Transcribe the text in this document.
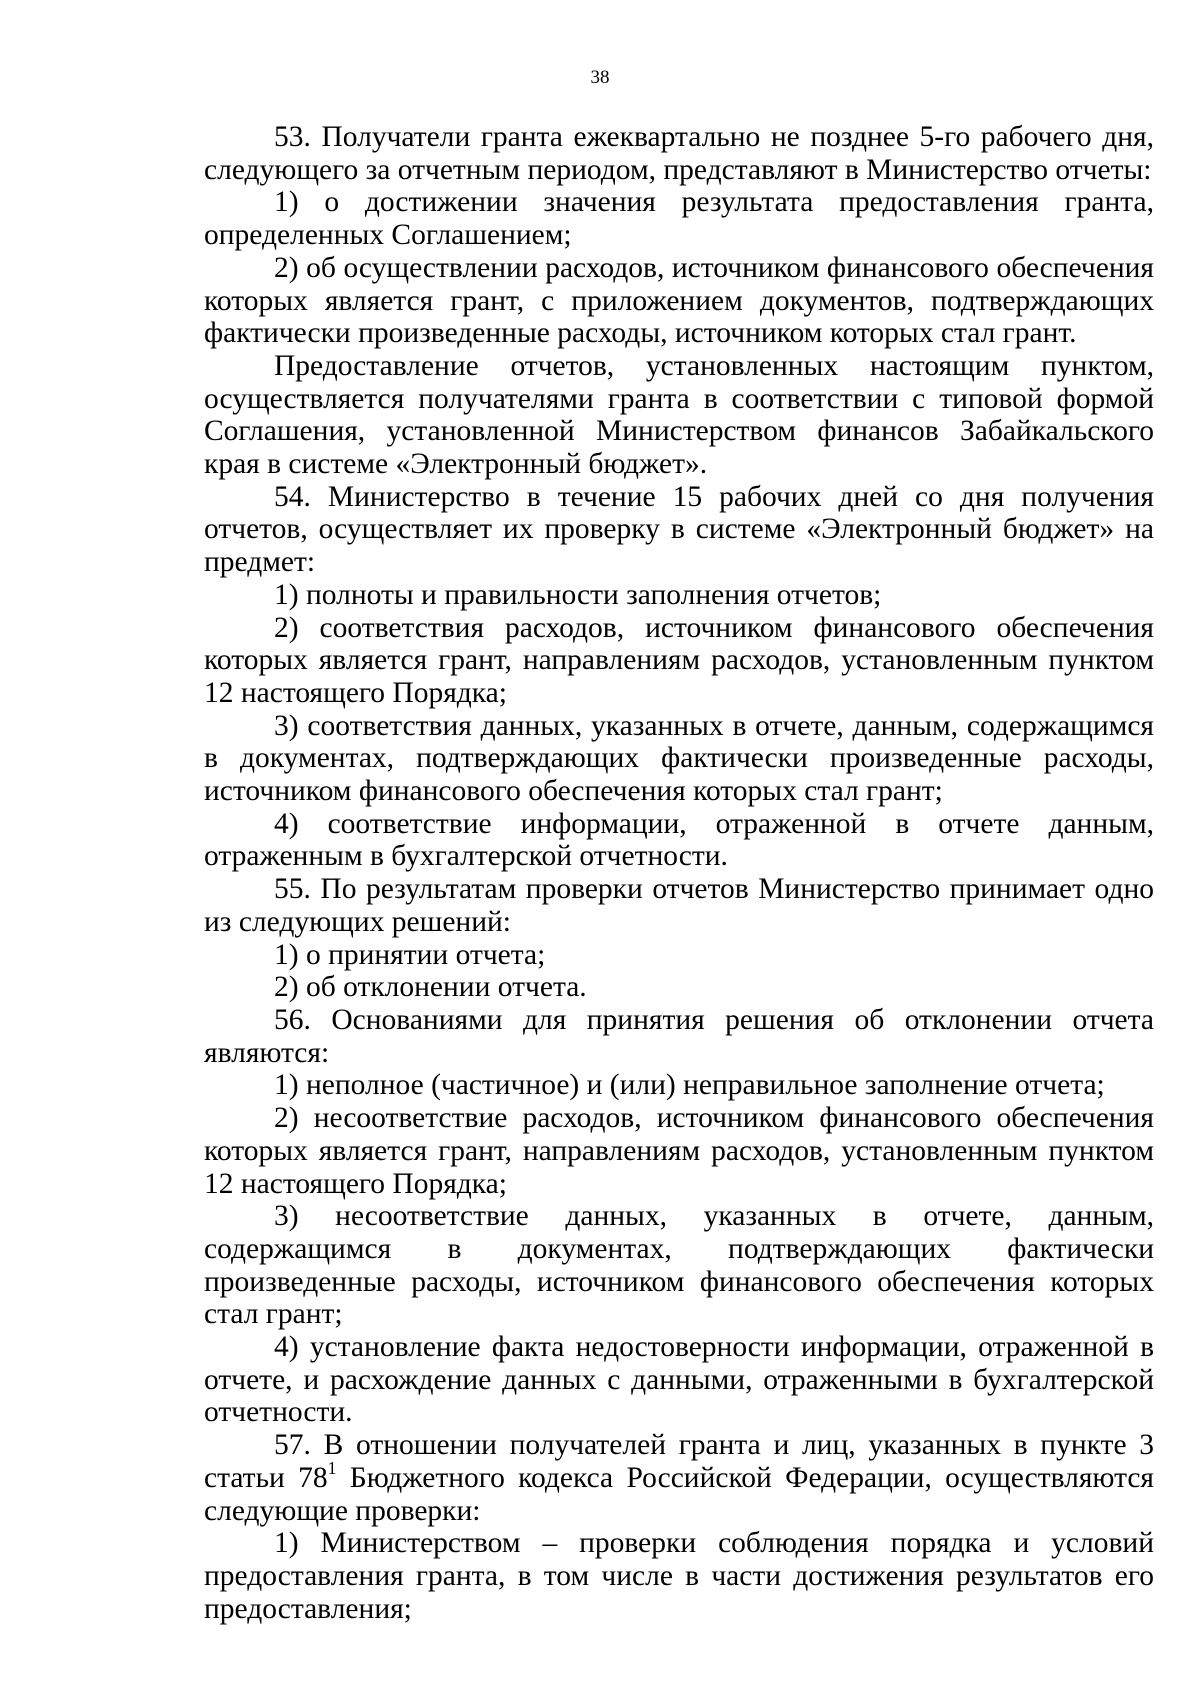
38

53. Получатели гранта ежеквартально не позднее 5-го рабочего дня, следующего за отчетным периодом, представляют в Министерство отчеты:

1) о достижении значения результата предоставления гранта, определенных Соглашением;

2) об осуществлении расходов, источником финансового обеспечения которых является грант, с приложением документов, подтверждающих фактически произведенные расходы, источником которых стал грант.

Предоставление отчетов, установленных настоящим пунктом, осуществляется получателями гранта в соответствии с типовой формой Соглашения, установленной Министерством финансов Забайкальского края в системе «Электронный бюджет».

54. Министерство в течение 15 рабочих дней со дня получения отчетов, осуществляет их проверку в системе «Электронный бюджет» на предмет:

1) полноты и правильности заполнения отчетов;

2) соответствия расходов, источником финансового обеспечения которых является грант, направлениям расходов, установленным пунктом 12 настоящего Порядка;

3) соответствия данных, указанных в отчете, данным, содержащимся в документах, подтверждающих фактически произведенные расходы, источником финансового обеспечения которых стал грант;

4) соответствие информации, отраженной в отчете данным, отраженным в бухгалтерской отчетности.

55. По результатам проверки отчетов Министерство принимает одно из следующих решений:

1) о принятии отчета;

2) об отклонении отчета.

56. Основаниями для принятия решения об отклонении отчета являются:

1) неполное (частичное) и (или) неправильное заполнение отчета;

2) несоответствие расходов, источником финансового обеспечения которых является грант, направлениям расходов, установленным пунктом 12 настоящего Порядка;

3) несоответствие данных, указанных в отчете, данным, содержащимся в документах, подтверждающих фактически произведенные расходы, источником финансового обеспечения которых стал грант;

4) установление факта недостоверности информации, отраженной в отчете, и расхождение данных с данными, отраженными в бухгалтерской отчетности.

57. В отношении получателей гранта и лиц, указанных в пункте 3 статьи $78^1$ Бюджетного кодекса Российской Федерации, осуществляются следующие проверки:

1) Министерством – проверки соблюдения порядка и условий предоставления гранта, в том числе в части достижения результатов его предоставления;
